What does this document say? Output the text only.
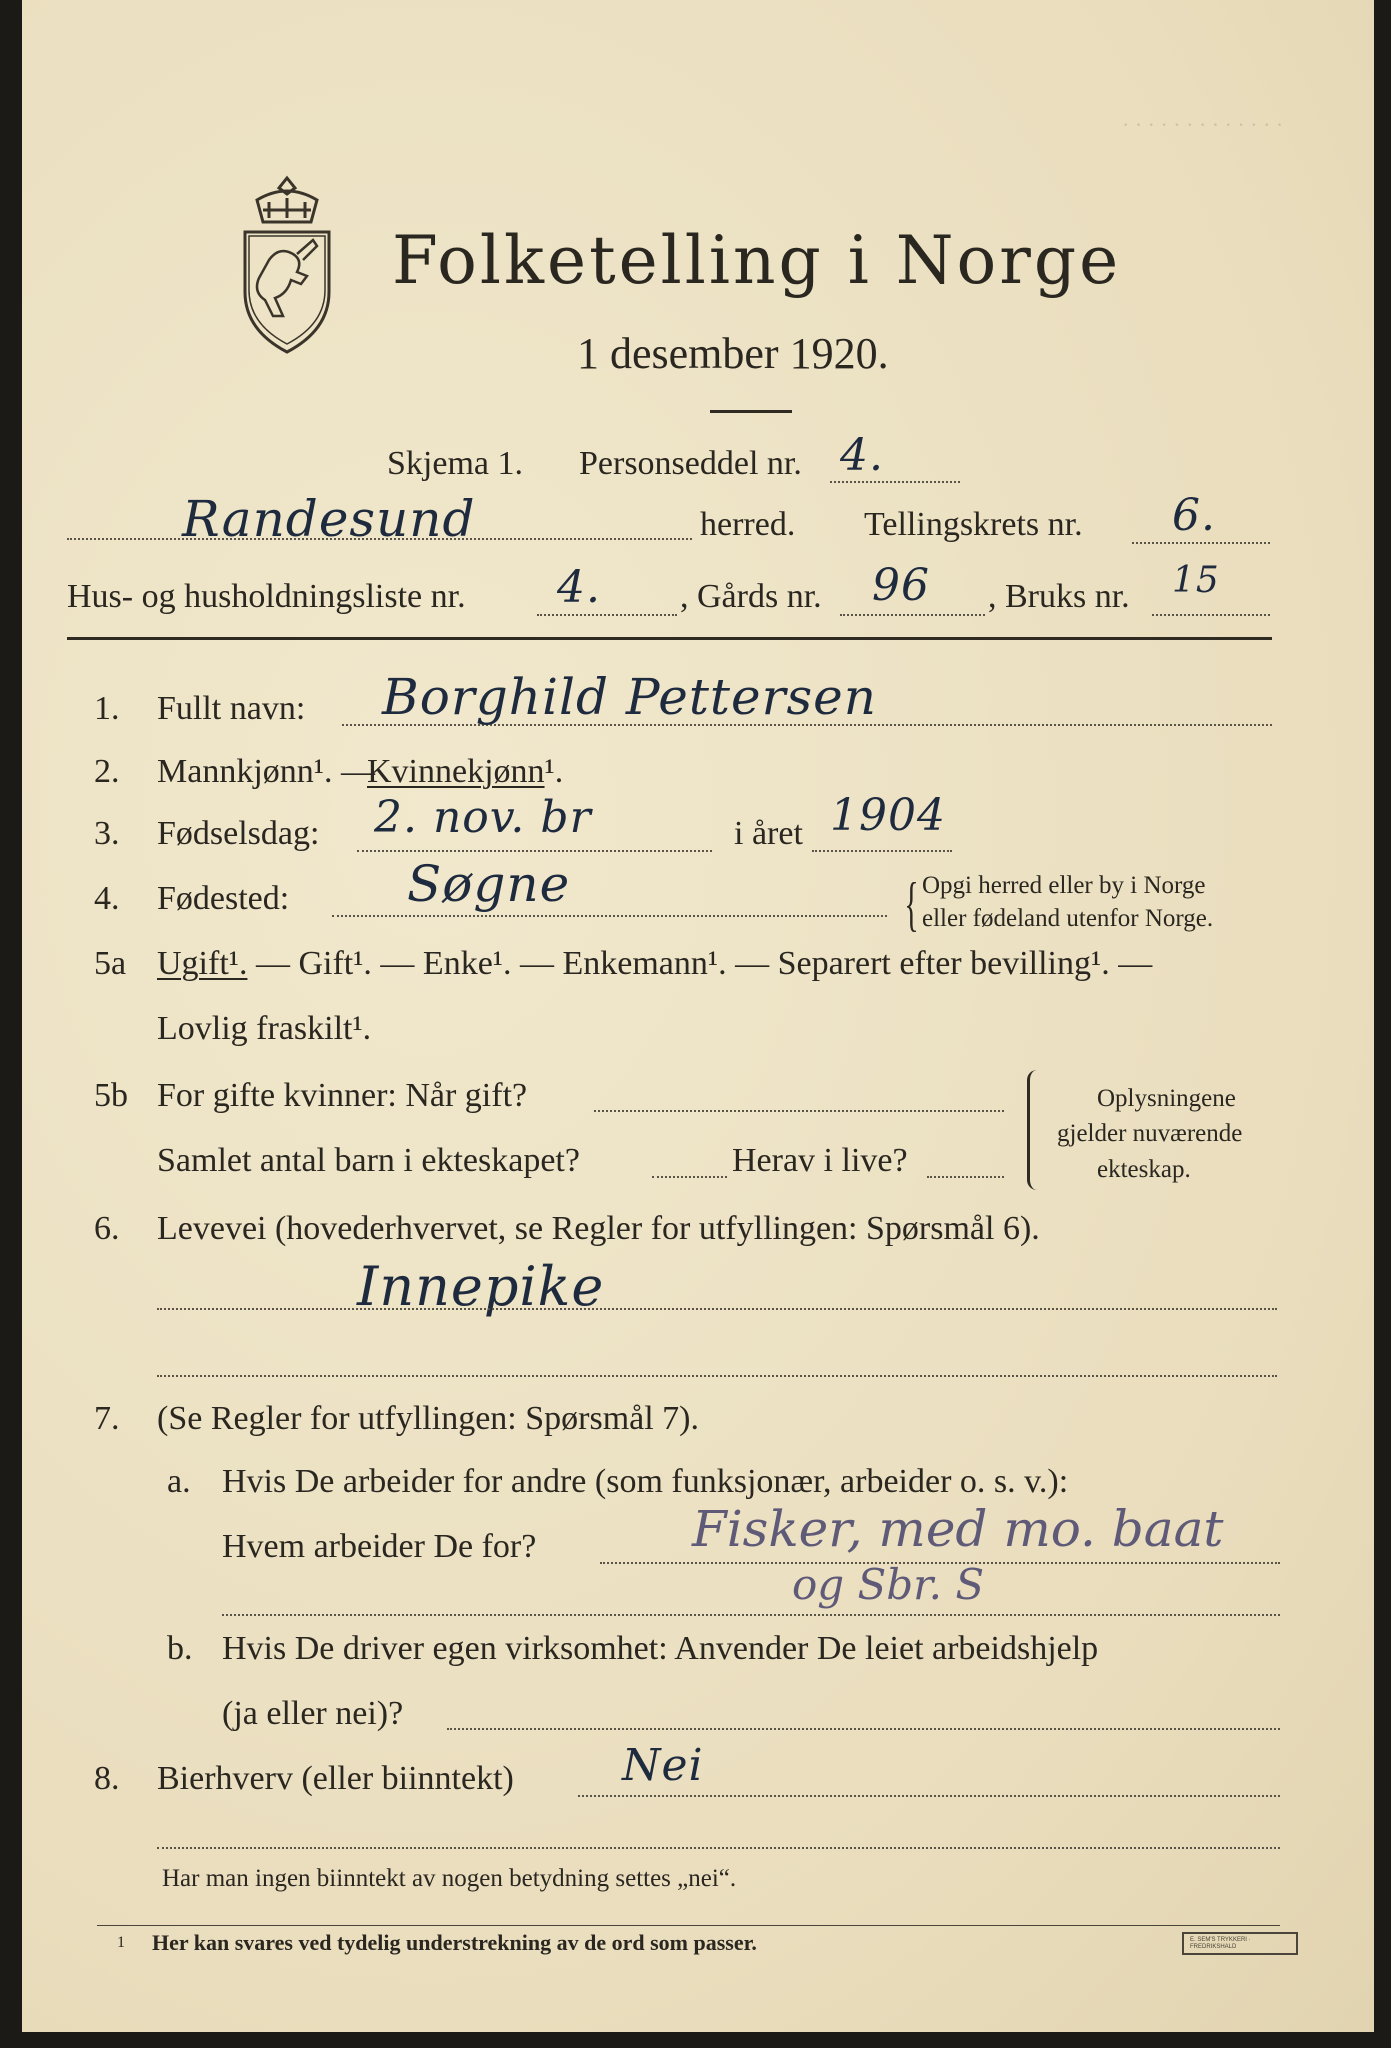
· · · · · · · · · · · · ·
Folketelling i Norge
1 desember 1920.
Skjema 1. Personseddel nr. 4.
Randesund	herred. Tellingskrets nr. 6.
Hus- og husholdningsliste nr. 4. , Gårds nr. 96 , Bruks nr. 15
1. Fullt navn: Borghild Pettersen
2. Mannkjønn¹. —
Kvinnekjønn¹.
3. Fødselsdag: 2. nov. br	i året 1904
4. Fødested: Søgne	{ Opgi herred eller by i Norge
eller fødeland utenfor Norge.
5a Ugift¹. — Gift¹. — Enke¹. — Enkemann¹. — Separert efter bevilling¹. —
Lovlig fraskilt¹.
5b For gifte kvinner: Når gift?
Samlet antal barn i ekteskapet?	Herav i live?
Oplysningene
gjelder nuværende
ekteskap.
6. Levevei (hovederhvervet, se Regler for utfyllingen: Spørsmål 6).
Innepike
7. (Se Regler for utfyllingen: Spørsmål 7).
a. Hvis De arbeider for andre (som funksjonær, arbeider o. s. v.):
Hvem arbeider De for?	Fisker, med mo. baat
og Sbr. S
b. Hvis De driver egen virksomhet: Anvender De leiet arbeidshjelp
(ja eller nei)?
8. Bierhverv (eller biinntekt) Nei
Har man ingen biinntekt av nogen betydning settes „nei“.
1 Her kan svares ved tydelig understrekning av de ord som passer.	E. SEM'S TRYKKERI · FREDRIKSHALD
